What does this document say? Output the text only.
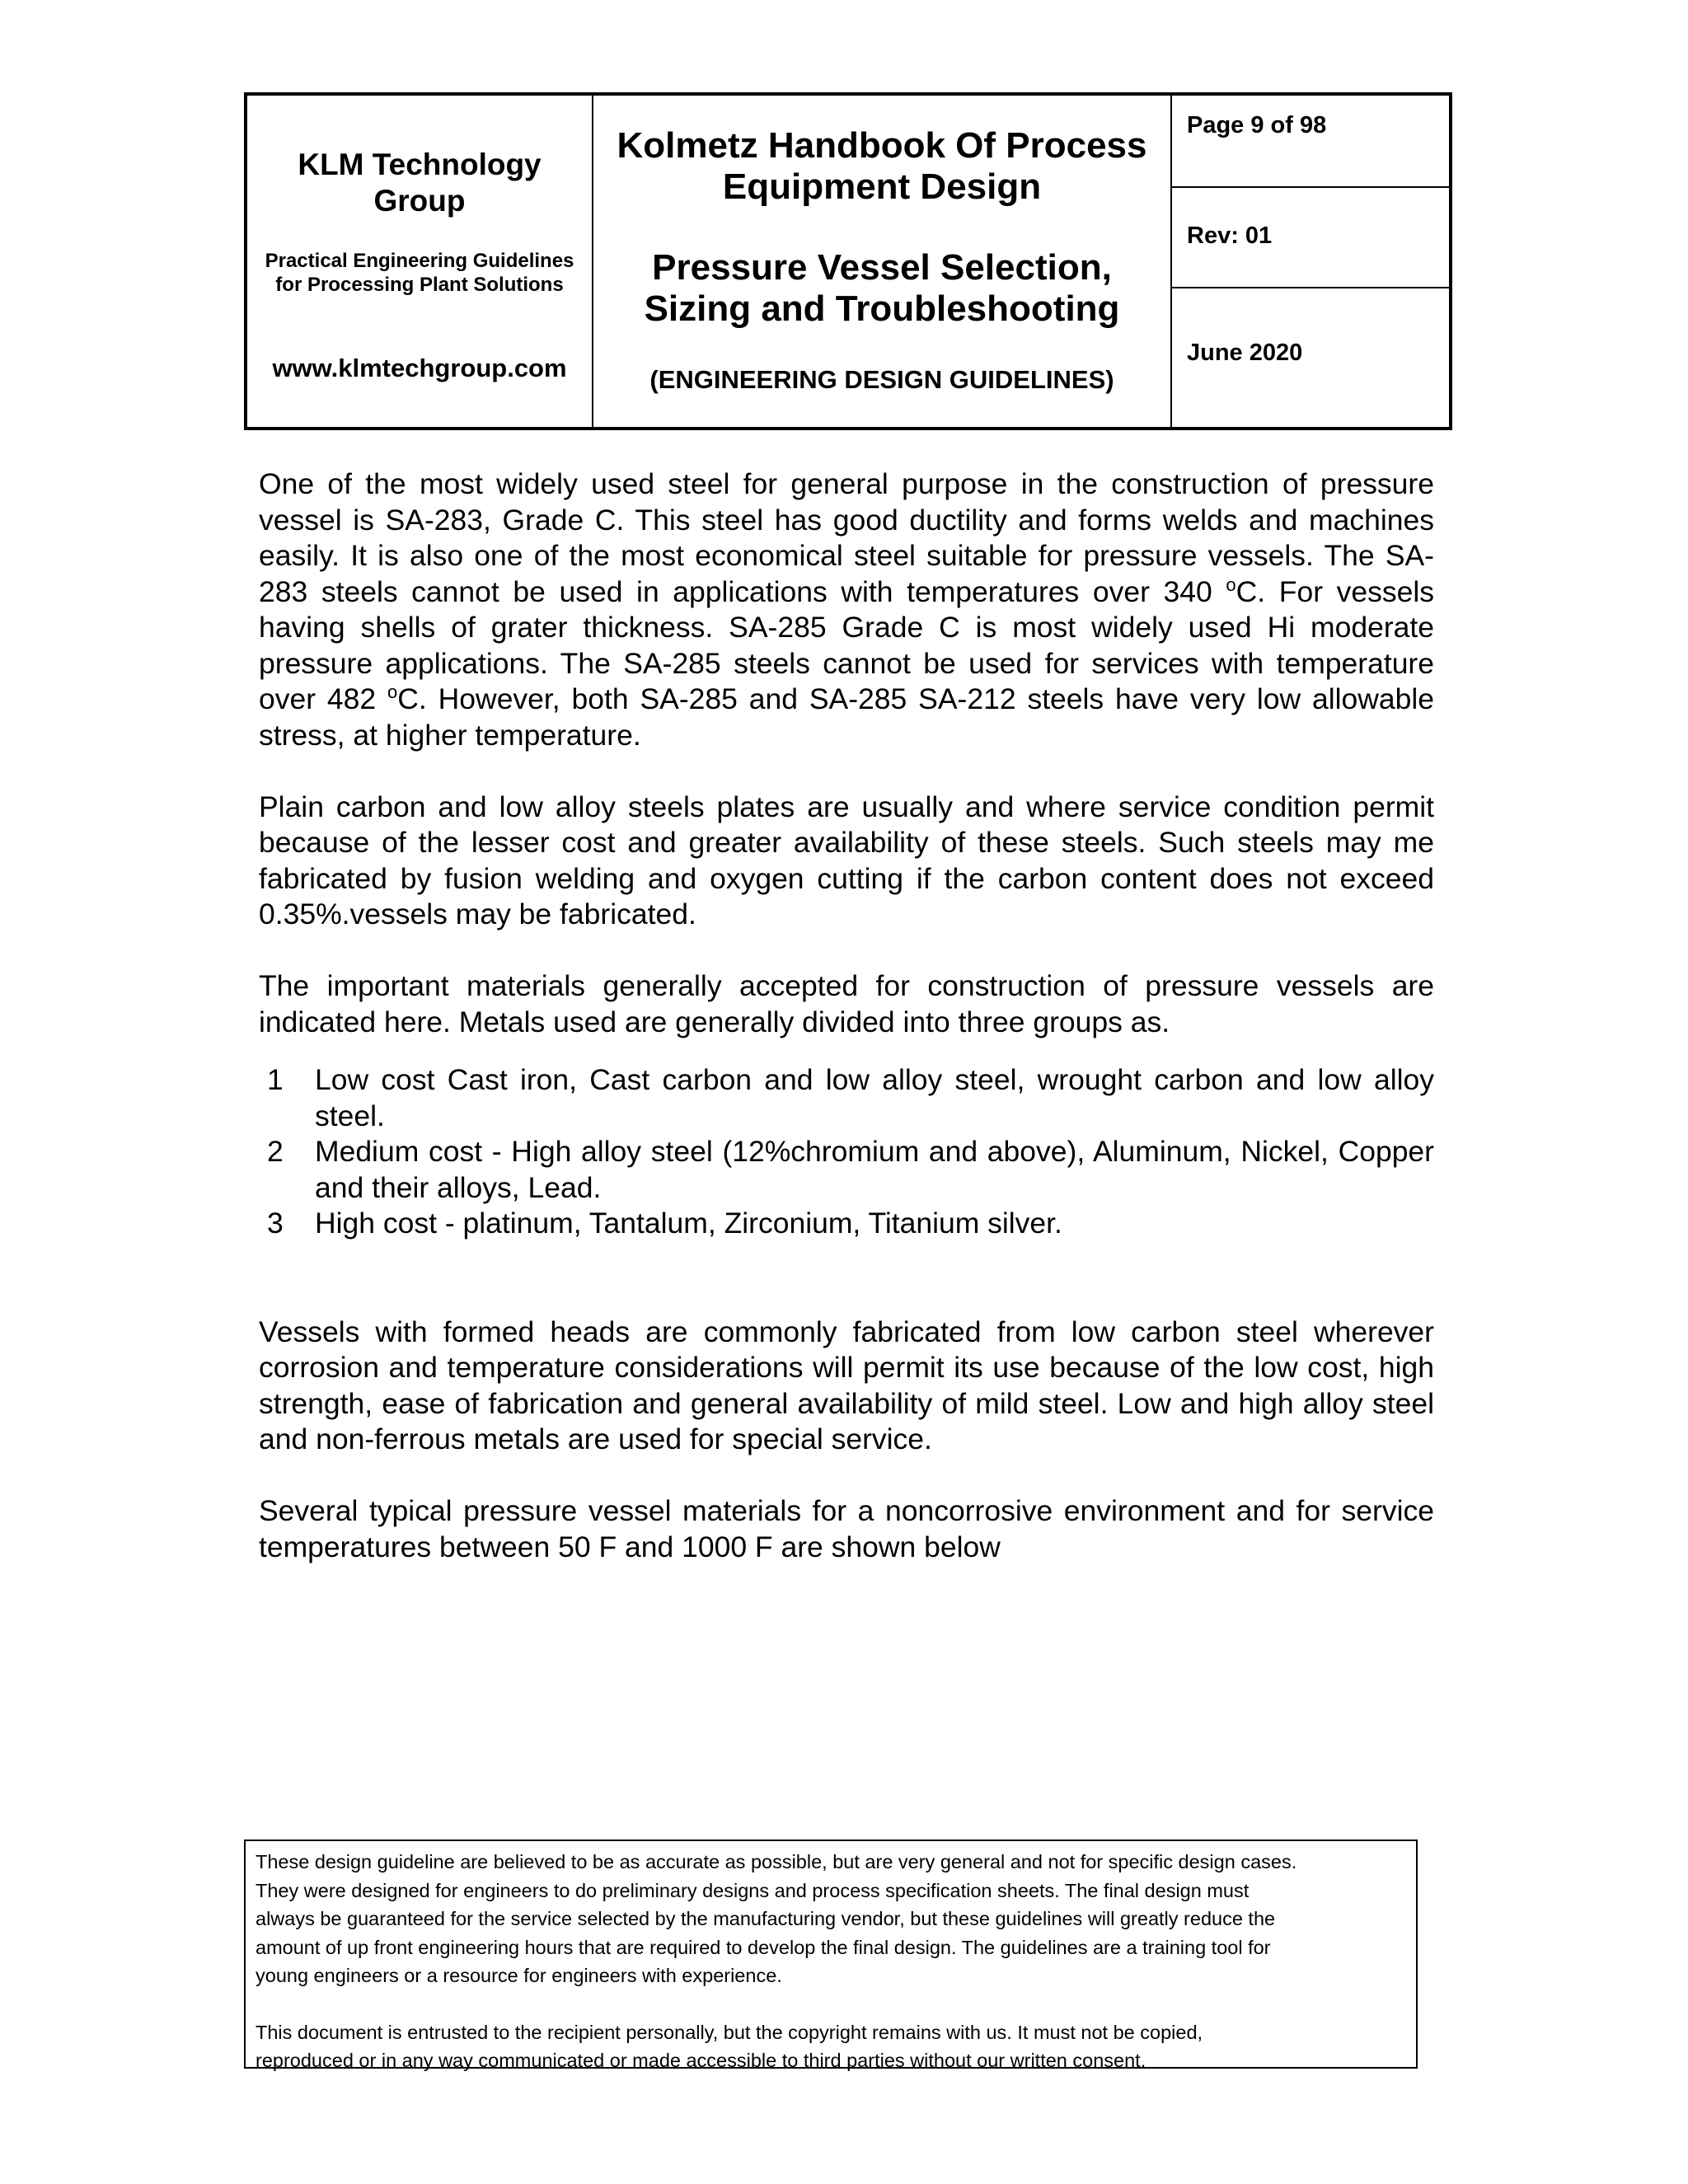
KLM Technology Group
Practical Engineering Guidelines for Processing Plant Solutions
www.klmtechgroup.com
Kolmetz Handbook Of Process Equipment Design
Pressure Vessel Selection, Sizing and Troubleshooting
(ENGINEERING DESIGN GUIDELINES)
Page 9 of 98
Rev: 01
June 2020

One of the most widely used steel for general purpose in the construction of pressure vessel is SA-283, Grade C. This steel has good ductility and forms welds and machines easily. It is also one of the most economical steel suitable for pressure vessels. The SA-283 steels cannot be used in applications with temperatures over 340 $^o$C. For vessels having shells of grater thickness. SA-285 Grade C is most widely used Hi moderate pressure applications. The SA-285 steels cannot be used for services with temperature over 482 $^o$C. However, both SA-285 and SA-285 SA-212 steels have very low allowable stress, at higher temperature.

Plain carbon and low alloy steels plates are usually and where service condition permit because of the lesser cost and greater availability of these steels. Such steels may me fabricated by fusion welding and oxygen cutting if the carbon content does not exceed 0.35%.vessels may be fabricated.

The important materials generally accepted for construction of pressure vessels are indicated here. Metals used are generally divided into three groups as.

1	Low cost Cast iron, Cast carbon and low alloy steel, wrought carbon and low alloy steel.
2	Medium cost - High alloy steel (12%chromium and above), Aluminum, Nickel, Copper and their alloys, Lead.
3	High cost - platinum, Tantalum, Zirconium, Titanium silver.

Vessels with formed heads are commonly fabricated from low carbon steel wherever corrosion and temperature considerations will permit its use because of the low cost, high strength, ease of fabrication and general availability of mild steel. Low and high alloy steel and non-ferrous metals are used for special service.

Several typical pressure vessel materials for a noncorrosive environment and for service temperatures between 50 F and 1000 F are shown below

These design guideline are believed to be as accurate as possible, but are very general and not for specific design cases.

They were designed for engineers to do preliminary designs and process specification sheets. The final design must

always be guaranteed for the service selected by the manufacturing vendor, but these guidelines will greatly reduce the

amount of up front engineering hours that are required to develop the final design. The guidelines are a training tool for

young engineers or a resource for engineers with experience.

This document is entrusted to the recipient personally, but the copyright remains with us. It must not be copied,

reproduced or in any way communicated or made accessible to third parties without our written consent.
